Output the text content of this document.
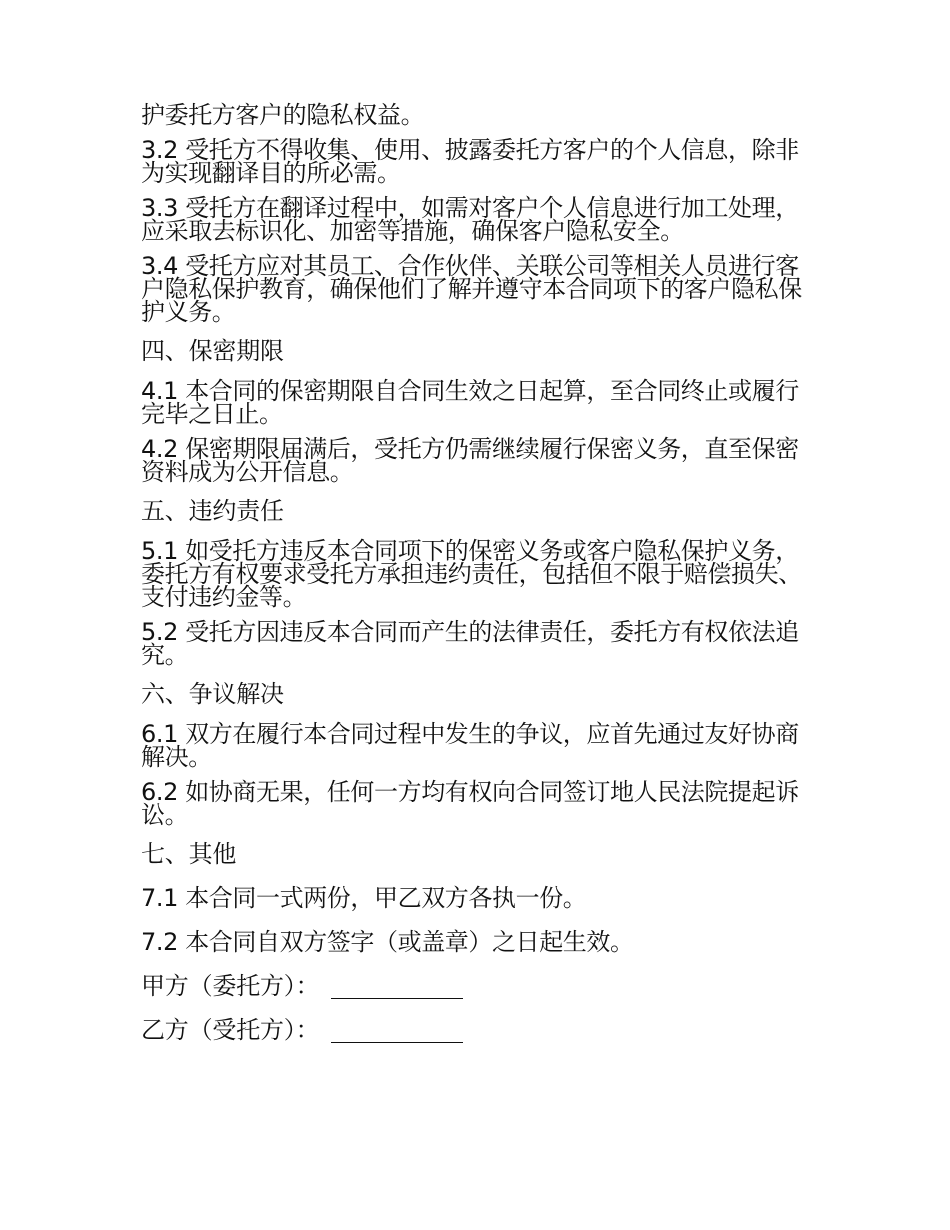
护委托方客户的隐私权益。

3.2 受托方不得收集、使用、披露委托方客户的个人信息，除非为实现翻译目的所必需。

3.3 受托方在翻译过程中，如需对客户个人信息进行加工处理，应采取去标识化、加密等措施，确保客户隐私安全。

3.4 受托方应对其员工、合作伙伴、关联公司等相关人员进行客户隐私保护教育，确保他们了解并遵守本合同项下的客户隐私保护义务。

四、保密期限

4.1 本合同的保密期限自合同生效之日起算，至合同终止或履行完毕之日止。

4.2 保密期限届满后，受托方仍需继续履行保密义务，直至保密资料成为公开信息。

五、违约责任

5.1 如受托方违反本合同项下的保密义务或客户隐私保护义务，委托方有权要求受托方承担违约责任，包括但不限于赔偿损失、支付违约金等。

5.2 受托方因违反本合同而产生的法律责任，委托方有权依法追究。

六、争议解决

6.1 双方在履行本合同过程中发生的争议，应首先通过友好协商解决。

6.2 如协商无果，任何一方均有权向合同签订地人民法院提起诉讼。

七、其他

7.1 本合同一式两份，甲乙双方各执一份。

7.2 本合同自双方签字（或盖章）之日起生效。

甲方（委托方）：
乙方（受托方）：
